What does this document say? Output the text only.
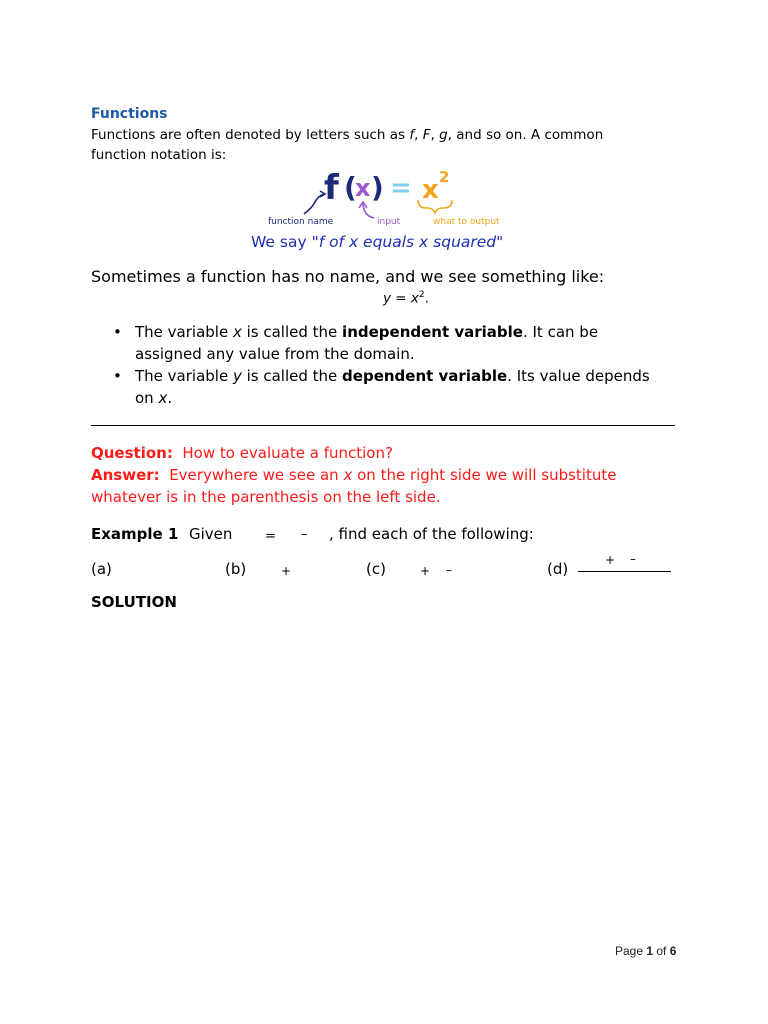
Functions
Functions are often denoted by letters such as f, F, g, and so on. A common
function notation is:
f (
x ) = x 2
function name	input	what to output
We say "f of x equals x squared"
Sometimes a function has no name, and we see something like:
$y = x^2$.
• The variable x is called the independent variable. It can be
assigned any value from the domain.
• The variable y is called the dependent variable. Its value depends
on x.
Question: How to evaluate a function?
Answer: Everywhere we see an x on the right side we will substitute
whatever is in the parenthesis on the left side.
Example 1 Given	= – , find each of the following:
(a)	(b)	+	(c)	+ –	(d)	+ –
SOLUTION
Page 1 of 6
